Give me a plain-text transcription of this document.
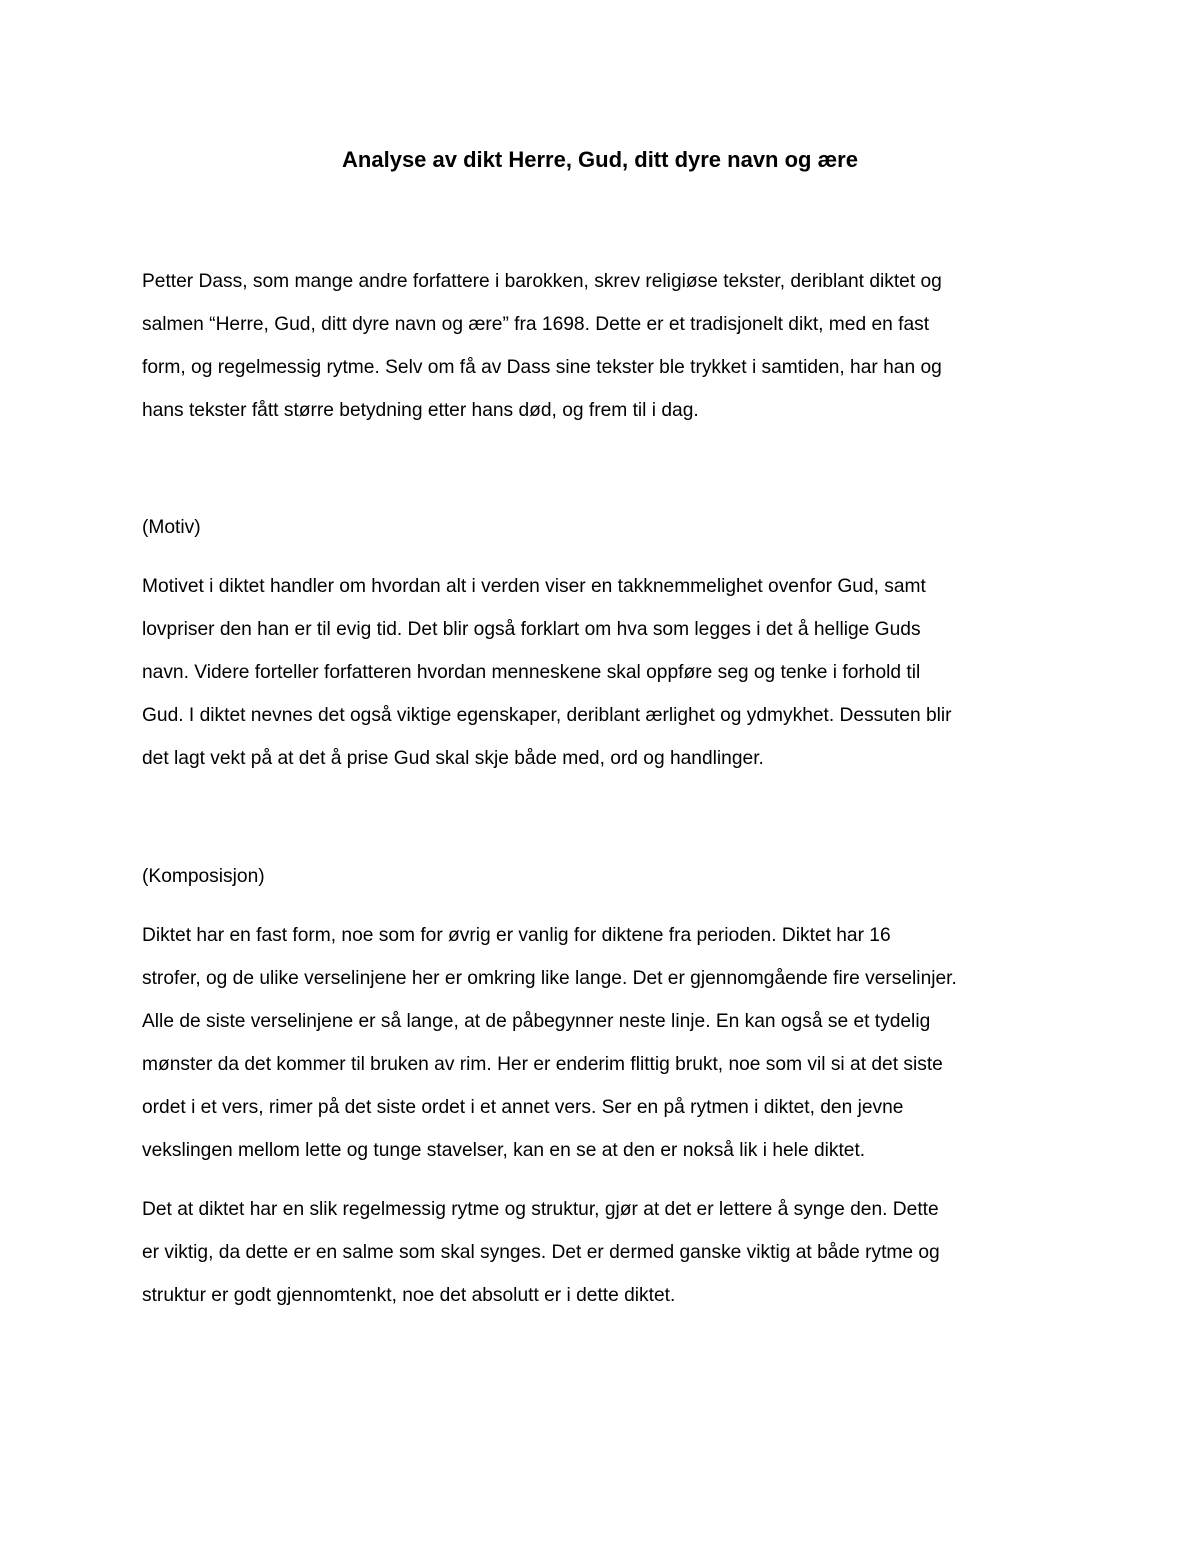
Analyse av dikt Herre, Gud, ditt dyre navn og ære
Petter Dass, som mange andre forfattere i barokken, skrev religiøse tekster, deriblant diktet og
salmen “Herre, Gud, ditt dyre navn og ære” fra 1698. Dette er et tradisjonelt dikt, med en fast
form, og regelmessig rytme. Selv om få av Dass sine tekster ble trykket i samtiden, har han og
hans tekster fått større betydning etter hans død, og frem til i dag.

(Motiv)

Motivet i diktet handler om hvordan alt i verden viser en takknemmelighet ovenfor Gud, samt
lovpriser den han er til evig tid. Det blir også forklart om hva som legges i det å hellige Guds
navn. Videre forteller forfatteren hvordan menneskene skal oppføre seg og tenke i forhold til
Gud. I diktet nevnes det også viktige egenskaper, deriblant ærlighet og ydmykhet. Dessuten blir
det lagt vekt på at det å prise Gud skal skje både med, ord og handlinger.

(Komposisjon)

Diktet har en fast form, noe som for øvrig er vanlig for diktene fra perioden. Diktet har 16
strofer, og de ulike verselinjene her er omkring like lange. Det er gjennomgående fire verselinjer.
Alle de siste verselinjene er så lange, at de påbegynner neste linje. En kan også se et tydelig
mønster da det kommer til bruken av rim. Her er enderim flittig brukt, noe som vil si at det siste
ordet i et vers, rimer på det siste ordet i et annet vers. Ser en på rytmen i diktet, den jevne
vekslingen mellom lette og tunge stavelser, kan en se at den er nokså lik i hele diktet.
Det at diktet har en slik regelmessig rytme og struktur, gjør at det er lettere å synge den. Dette
er viktig, da dette er en salme som skal synges. Det er dermed ganske viktig at både rytme og
struktur er godt gjennomtenkt, noe det absolutt er i dette diktet.
